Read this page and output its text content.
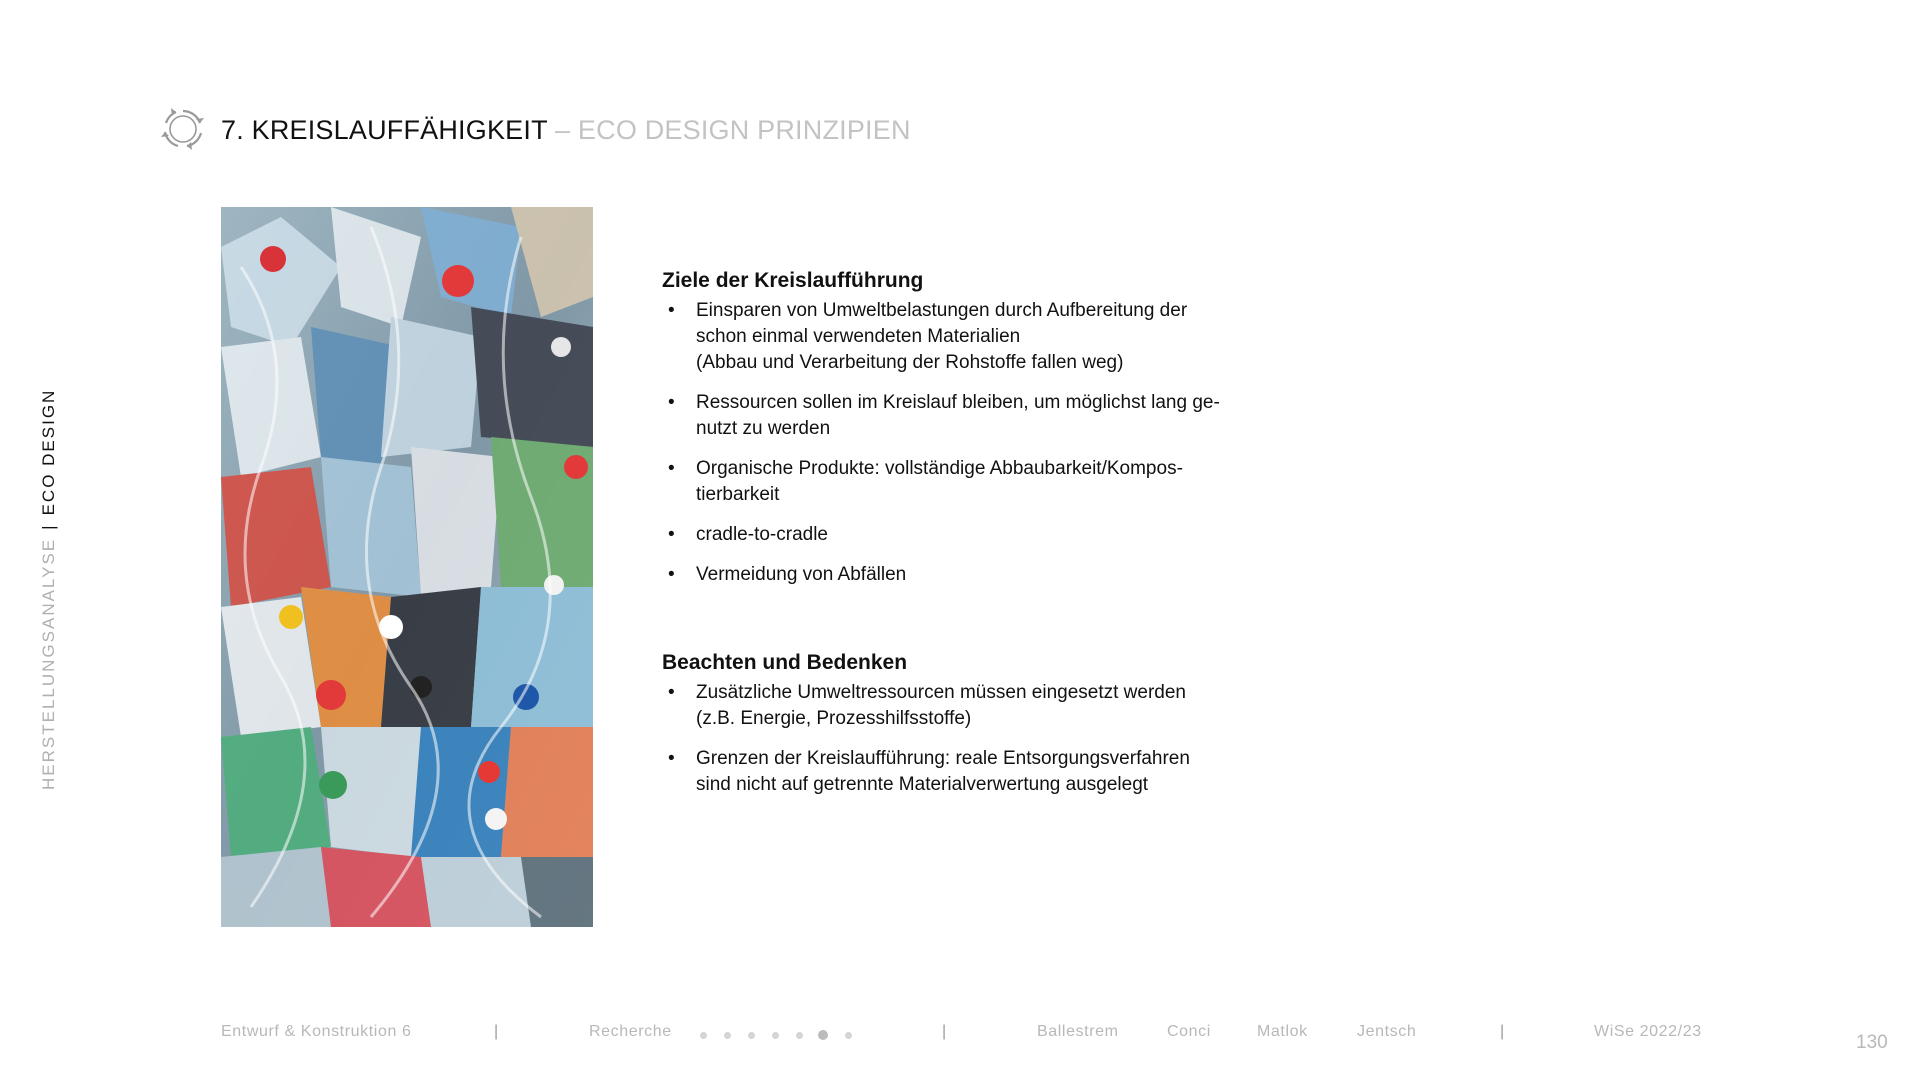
7. KREISLAUFFÄHIGKEIT – ECO DESIGN PRINZIPIEN
HERSTELLUNGSANALYSE|ECO DESIGN
Ziele der Kreislaufführung
• Einsparen von Umweltbelastungen durch Aufbereitung der
schon einmal verwendeten Materialien
(Abbau und Verarbeitung der Rohstoffe fallen weg)
• Ressourcen sollen im Kreislauf bleiben, um möglichst lang ge-
nutzt zu werden
• Organische Produkte: vollständige Abbaubarkeit/Kompos-
tierbarkeit
• cradle-to-cradle
• Vermeidung von Abfällen
Beachten und Bedenken
• Zusätzliche Umweltressourcen müssen eingesetzt werden
(z.B. Energie, Prozesshilfsstoffe)
• Grenzen der Kreislaufführung: reale Entsorgungsverfahren
sind nicht auf getrennte Materialverwertung ausgelegt
Entwurf & Konstruktion 6	|	Recherche	|	Ballestrem	Conci	Matlok	Jentsch	|	WiSe 2022/23
130
